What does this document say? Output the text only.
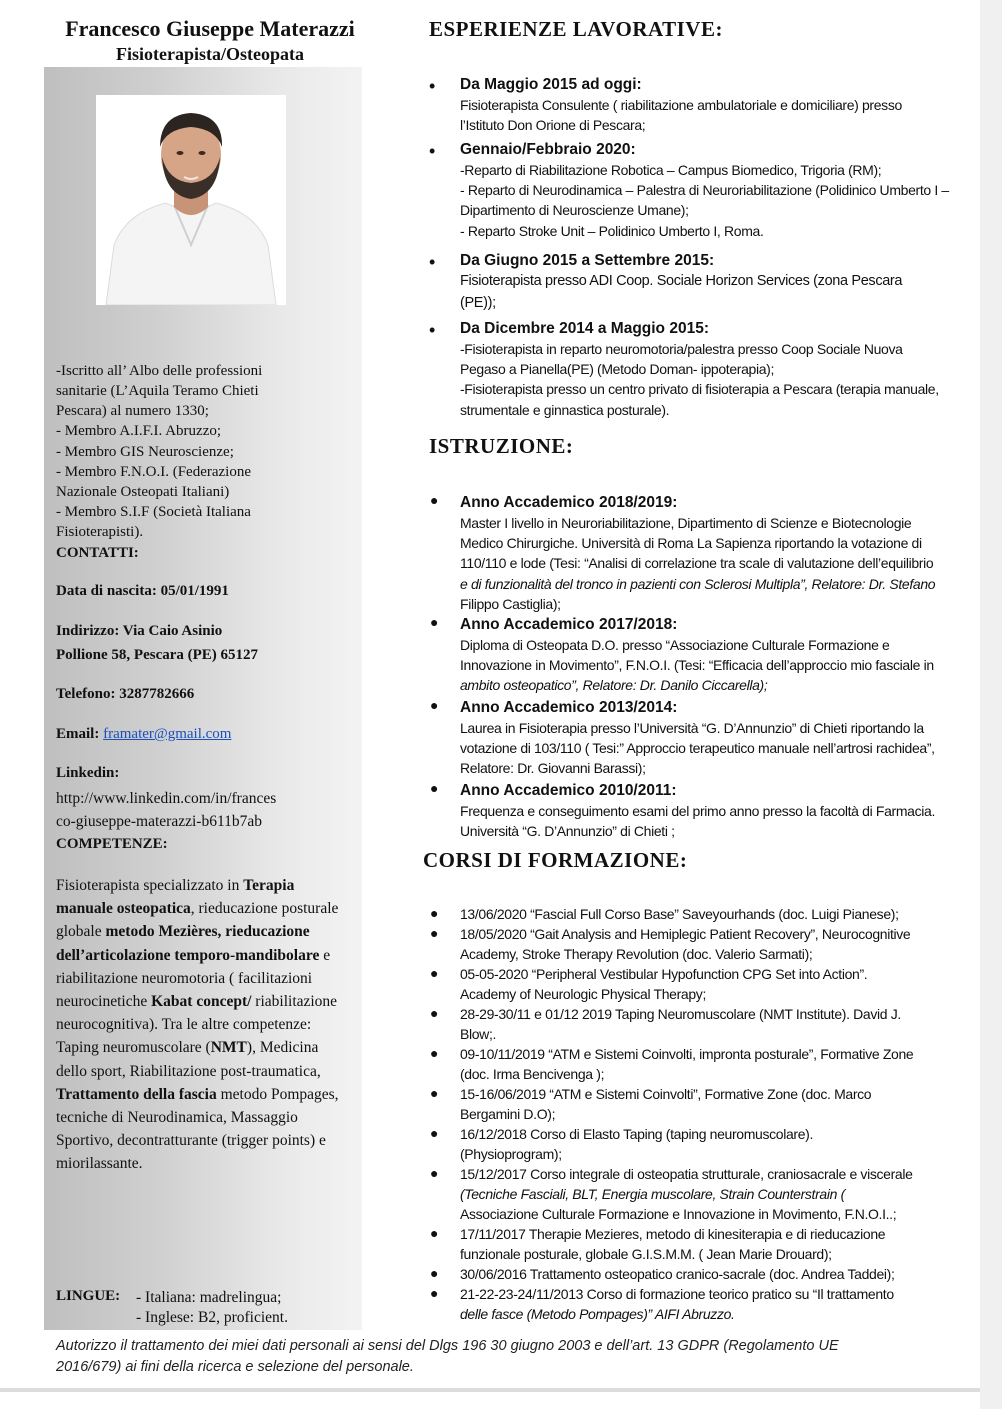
Francesco Giuseppe Materazzi
Fisioterapista/Osteopata
-Iscritto all’ Albo delle professioni
sanitarie (L’Aquila Teramo Chieti
Pescara) al numero 1330;
- Membro A.I.F.I. Abruzzo;
- Membro GIS Neuroscienze;
- Membro F.N.O.I. (Federazione
Nazionale Osteopati Italiani)
- Membro S.I.F (Società Italiana
Fisioterapisti).
CONTATTI:
Data di nascita: 05/01/1991
Indirizzo: Via Caio Asinio
Pollione 58, Pescara (PE) 65127
Telefono: 3287782666
Email: framater@gmail.com
Linkedin:
http://www.linkedin.com/in/frances
co-giuseppe-materazzi-b611b7ab
COMPETENZE:
Fisioterapista specializzato in Terapia manuale osteopatica, rieducazione posturale globale metodo Mezières, rieducazione dell’articolazione temporo-mandibolare e riabilitazione neuromotoria ( facilitazioni neurocinetiche Kabat concept/ riabilitazione neurocognitiva). Tra le altre competenze: Taping neuromuscolare (NMT), Medicina dello sport, Riabilitazione post-traumatica, Trattamento della fascia metodo Pompages, tecniche di Neurodinamica, Massaggio Sportivo, decontratturante (trigger points) e miorilassante.
LINGUE: - Italiana: madrelingua;
- Inglese: B2, proficient.
ESPERIENZE LAVORATIVE:
• Da Maggio 2015 ad oggi:
Fisioterapista Consulente ( riabilitazione ambulatoriale e domiciliare) presso
l’Istituto Don Orione di Pescara;
• Gennaio/Febbraio 2020:
-Reparto di Riabilitazione Robotica – Campus Biomedico, Trigoria (RM);
- Reparto di Neurodinamica – Palestra di Neuroriabilitazione (Polidinico Umberto I –
Dipartimento di Neuroscienze Umane);
- Reparto Stroke Unit – Polidinico Umberto I, Roma.
• Da Giugno 2015 a Settembre 2015:
Fisioterapista presso ADI Coop. Sociale Horizon Services (zona Pescara
(PE));
• Da Dicembre 2014 a Maggio 2015:
-Fisioterapista in reparto neuromotoria/palestra presso Coop Sociale Nuova
Pegaso a Pianella(PE) (Metodo Doman- ippoterapia);
-Fisioterapista presso un centro privato di fisioterapia a Pescara (terapia manuale,
strumentale e ginnastica posturale).
ISTRUZIONE:
● Anno Accademico 2018/2019:
Master I livello in Neuroriabilitazione, Dipartimento di Scienze e Biotecnologie
Medico Chirurgiche. Università di Roma La Sapienza riportando la votazione di
110/110 e lode (Tesi: “Analisi di correlazione tra scale di valutazione dell’equilibrio
e di funzionalità del tronco in pazienti con Sclerosi Multipla”, Relatore: Dr. Stefano
Filippo Castiglia);
● Anno Accademico 2017/2018:
Diploma di Osteopata D.O. presso “Associazione Culturale Formazione e
Innovazione in Movimento”, F.N.O.I. (Tesi: “Efficacia dell’approccio mio fasciale in
ambito osteopatico”, Relatore: Dr. Danilo Ciccarella);
● Anno Accademico 2013/2014:
Laurea in Fisioterapia presso l’Università “G. D’Annunzio” di Chieti riportando la
votazione di 103/110 ( Tesi:” Approccio terapeutico manuale nell’artrosi rachidea”,
Relatore: Dr. Giovanni Barassi);
● Anno Accademico 2010/2011:
Frequenza e conseguimento esami del primo anno presso la facoltà di Farmacia.
Università “G. D’Annunzio” di Chieti ;
CORSI DI FORMAZIONE:
● 13/06/2020 “Fascial Full Corso Base” Saveyourhands (doc. Luigi Pianese);
● 18/05/2020 “Gait Analysis and Hemiplegic Patient Recovery”, Neurocognitive
Academy, Stroke Therapy Revolution (doc. Valerio Sarmati);
● 05-05-2020 “Peripheral Vestibular Hypofunction CPG Set into Action”.
Academy of Neurologic Physical Therapy;
● 28-29-30/11 e 01/12 2019 Taping Neuromuscolare (NMT Institute). David J.
Blow;.
● 09-10/11/2019 “ATM e Sistemi Coinvolti, impronta posturale”, Formative Zone
(doc. Irma Bencivenga );
● 15-16/06/2019 “ATM e Sistemi Coinvolti”, Formative Zone (doc. Marco
Bergamini D.O);
● 16/12/2018 Corso di Elasto Taping (taping neuromuscolare).
(Physioprogram);
● 15/12/2017 Corso integrale di osteopatia strutturale, craniosacrale e viscerale
(Tecniche Fasciali, BLT, Energia muscolare, Strain Counterstrain (
Associazione Culturale Formazione e Innovazione in Movimento, F.N.O.I..;
● 17/11/2017 Therapie Mezieres, metodo di kinesiterapia e di rieducazione
funzionale posturale, globale G.I.S.M.M. ( Jean Marie Drouard);
● 30/06/2016 Trattamento osteopatico cranico-sacrale (doc. Andrea Taddei);
● 21-22-23-24/11/2013 Corso di formazione teorico pratico su “Il trattamento
delle fasce (Metodo Pompages)” AIFI Abruzzo.
Autorizzo il trattamento dei miei dati personali ai sensi del Dlgs 196 30 giugno 2003 e dell’art. 13 GDPR (Regolamento UE
2016/679) ai fini della ricerca e selezione del personale.
